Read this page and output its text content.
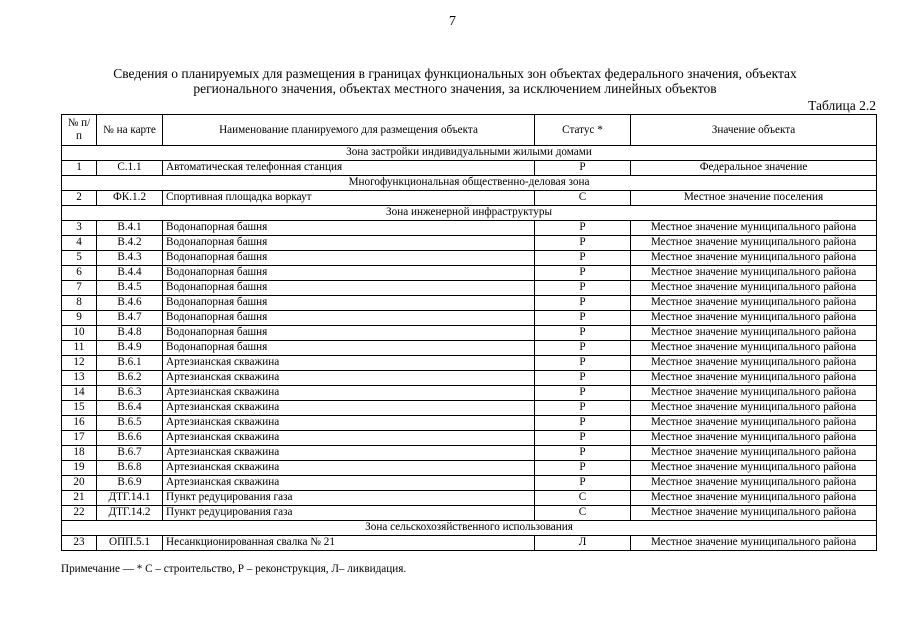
7
Сведения о планируемых для размещения в границах функциональных зон объектах федерального значения, объектах
регионального значения, объектах местного значения, за исключением линейных объектов
Таблица 2.2
№ п/п	№ на карте	Наименование планируемого для размещения объекта	Статус *	Значение объекта
Зона застройки индивидуальными жилыми домами				
1	С.1.1	Автоматическая телефонная станция	Р	Федеральное значение
Многофункциональная общественно-деловая зона				
2	ФК.1.2	Спортивная площадка воркаут	С	Местное значение поселения
Зона инженерной инфраструктуры				
3	В.4.1	Водонапорная башня	Р	Местное значение муниципального района
4	В.4.2	Водонапорная башня	Р	Местное значение муниципального района
5	В.4.3	Водонапорная башня	Р	Местное значение муниципального района
6	В.4.4	Водонапорная башня	Р	Местное значение муниципального района
7	В.4.5	Водонапорная башня	Р	Местное значение муниципального района
8	В.4.6	Водонапорная башня	Р	Местное значение муниципального района
9	В.4.7	Водонапорная башня	Р	Местное значение муниципального района
10	В.4.8	Водонапорная башня	Р	Местное значение муниципального района
11	В.4.9	Водонапорная башня	Р	Местное значение муниципального района
12	В.6.1	Артезианская скважина	Р	Местное значение муниципального района
13	В.6.2	Артезианская скважина	Р	Местное значение муниципального района
14	В.6.3	Артезианская скважина	Р	Местное значение муниципального района
15	В.6.4	Артезианская скважина	Р	Местное значение муниципального района
16	В.6.5	Артезианская скважина	Р	Местное значение муниципального района
17	В.6.6	Артезианская скважина	Р	Местное значение муниципального района
18	В.6.7	Артезианская скважина	Р	Местное значение муниципального района
19	В.6.8	Артезианская скважина	Р	Местное значение муниципального района
20	В.6.9	Артезианская скважина	Р	Местное значение муниципального района
21	ДТГ.14.1	Пункт редуцирования газа	С	Местное значение муниципального района
22	ДТГ.14.2	Пункт редуцирования газа	С	Местное значение муниципального района
Зона сельскохозяйственного использования				
23	ОПП.5.1	Несанкционированная свалка № 21	Л	Местное значение муниципального района
Примечание — * С – строительство, Р – реконструкция, Л– ликвидация.
